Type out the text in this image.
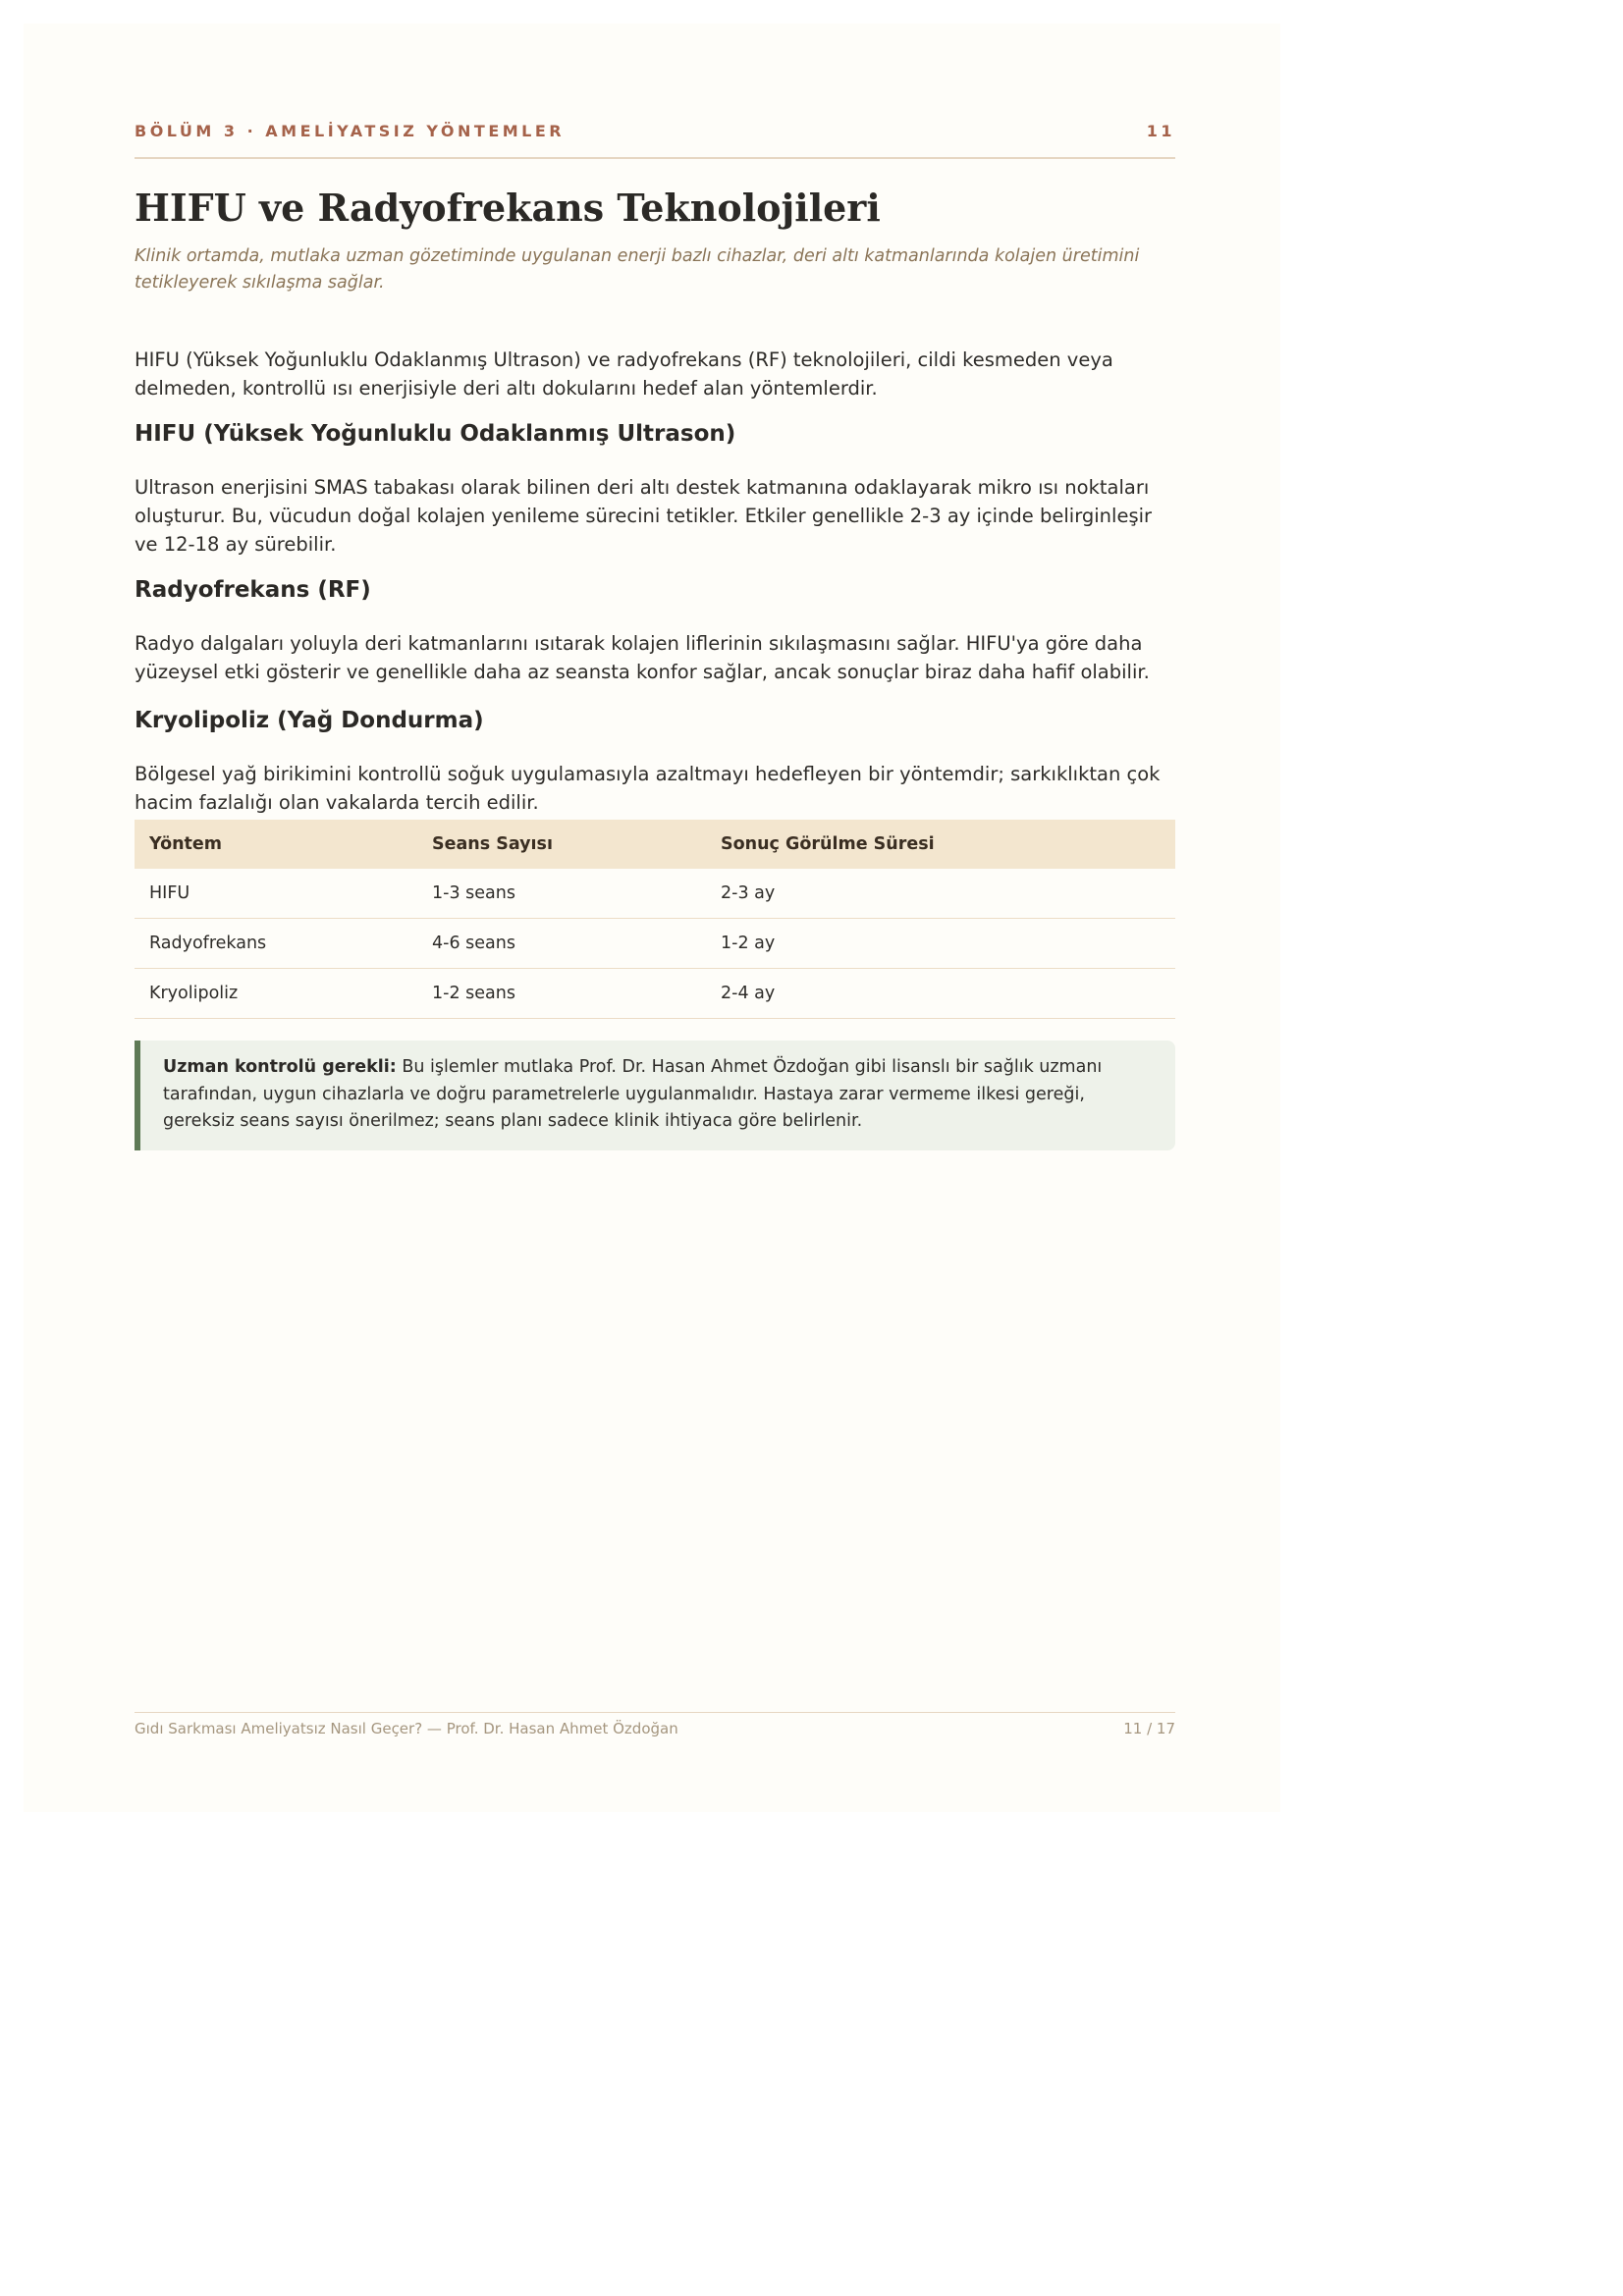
BÖLÜM 3 · AMELİYATSIZ YÖNTEMLER	11
HIFU ve Radyofrekans Teknolojileri

Klinik ortamda, mutlaka uzman gözetiminde uygulanan enerji bazlı cihazlar, deri altı katmanlarında kolajen üretimini tetikleyerek sıkılaşma sağlar.

HIFU (Yüksek Yoğunluklu Odaklanmış Ultrason) ve radyofrekans (RF) teknolojileri, cildi kesmeden veya delmeden, kontrollü ısı enerjisiyle deri altı dokularını hedef alan yöntemlerdir.

HIFU (Yüksek Yoğunluklu Odaklanmış Ultrason)

Ultrason enerjisini SMAS tabakası olarak bilinen deri altı destek katmanına odaklayarak mikro ısı noktaları oluşturur. Bu, vücudun doğal kolajen yenileme sürecini tetikler. Etkiler genellikle 2-3 ay içinde belirginleşir ve 12-18 ay sürebilir.

Radyofrekans (RF)

Radyo dalgaları yoluyla deri katmanlarını ısıtarak kolajen liflerinin sıkılaşmasını sağlar. HIFU'ya göre daha yüzeysel etki gösterir ve genellikle daha az seansta konfor sağlar, ancak sonuçlar biraz daha hafif olabilir.

Kryolipoliz (Yağ Dondurma)

Bölgesel yağ birikimini kontrollü soğuk uygulamasıyla azaltmayı hedefleyen bir yöntemdir; sarkıklıktan çok hacim fazlalığı olan vakalarda tercih edilir.

Yöntem	Seans Sayısı	Sonuç Görülme Süresi
HIFU	1-3 seans	2-3 ay
Radyofrekans	4-6 seans	1-2 ay
Kryolipoliz	1-2 seans	2-4 ay
Uzman kontrolü gerekli: Bu işlemler mutlaka Prof. Dr. Hasan Ahmet Özdoğan gibi lisanslı bir sağlık uzmanı tarafından, uygun cihazlarla ve doğru parametrelerle uygulanmalıdır. Hastaya zarar vermeme ilkesi gereği, gereksiz seans sayısı önerilmez; seans planı sadece klinik ihtiyaca göre belirlenir.
Gıdı Sarkması Ameliyatsız Nasıl Geçer? — Prof. Dr. Hasan Ahmet Özdoğan	11 / 17
